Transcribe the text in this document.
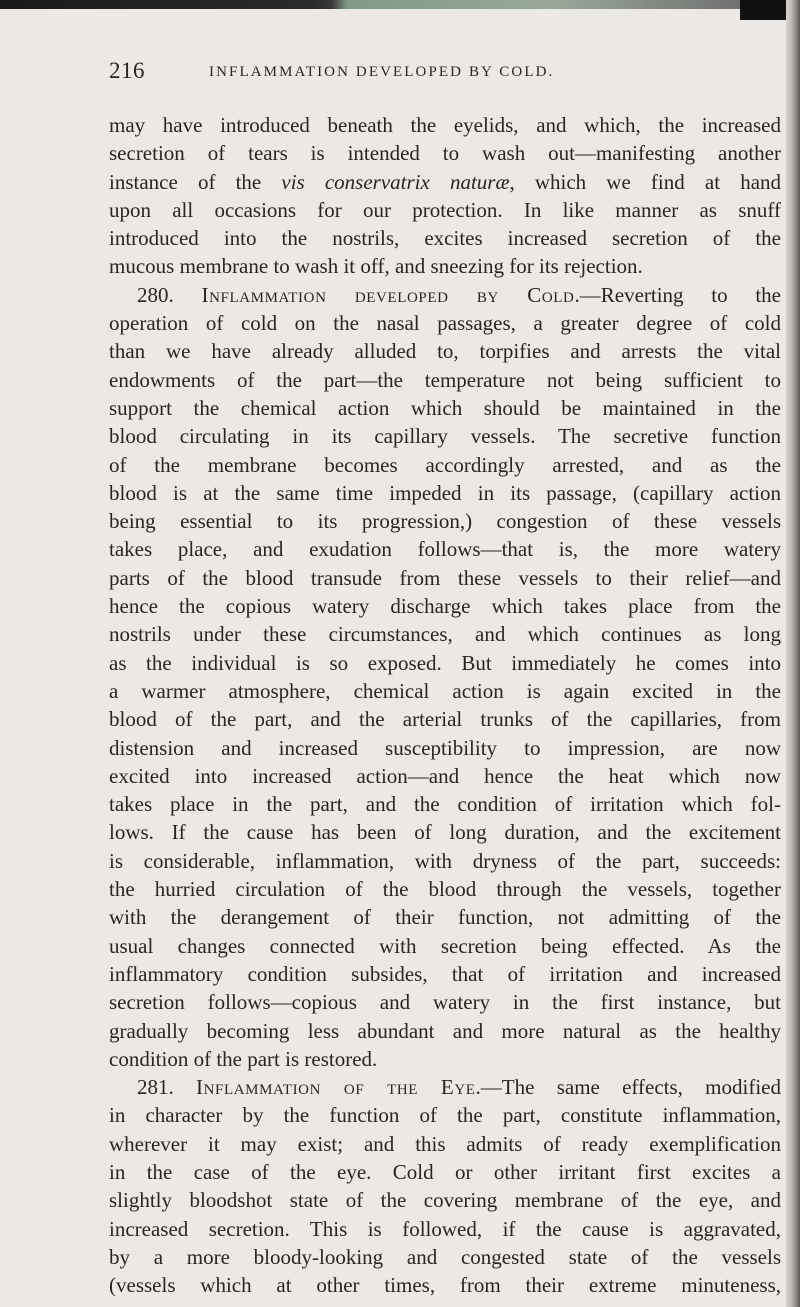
216	INFLAMMATION DEVELOPED BY COLD.
may have introduced beneath the eyelids, and which, the increased
secretion of tears is intended to wash out—manifesting another
instance of the vis conservatrix naturæ, which we find at hand
upon all occasions for our protection. In like manner as snuff
introduced into the nostrils, excites increased secretion of the
mucous membrane to wash it off, and sneezing for its rejection.
280. Inflammation developed by Cold.—Reverting to the
operation of cold on the nasal passages, a greater degree of cold
than we have already alluded to, torpifies and arrests the vital
endowments of the part—the temperature not being sufficient to
support the chemical action which should be maintained in the
blood circulating in its capillary vessels. The secretive function
of the membrane becomes accordingly arrested, and as the
blood is at the same time impeded in its passage, (capillary action
being essential to its progression,) congestion of these vessels
takes place, and exudation follows—that is, the more watery
parts of the blood transude from these vessels to their relief—and
hence the copious watery discharge which takes place from the
nostrils under these circumstances, and which continues as long
as the individual is so exposed. But immediately he comes into
a warmer atmosphere, chemical action is again excited in the
blood of the part, and the arterial trunks of the capillaries, from
distension and increased susceptibility to impression, are now
excited into increased action—and hence the heat which now
takes place in the part, and the condition of irritation which fol-
lows. If the cause has been of long duration, and the excitement
is considerable, inflammation, with dryness of the part, succeeds:
the hurried circulation of the blood through the vessels, together
with the derangement of their function, not admitting of the
usual changes connected with secretion being effected. As the
inflammatory condition subsides, that of irritation and increased
secretion follows—copious and watery in the first instance, but
gradually becoming less abundant and more natural as the healthy
condition of the part is restored.
281. Inflammation of the Eye.—The same effects, modified
in character by the function of the part, constitute inflammation,
wherever it may exist; and this admits of ready exemplification
in the case of the eye. Cold or other irritant first excites a
slightly bloodshot state of the covering membrane of the eye, and
increased secretion. This is followed, if the cause is aggravated,
by a more bloody-looking and congested state of the vessels
(vessels which at other times, from their extreme minuteness,
